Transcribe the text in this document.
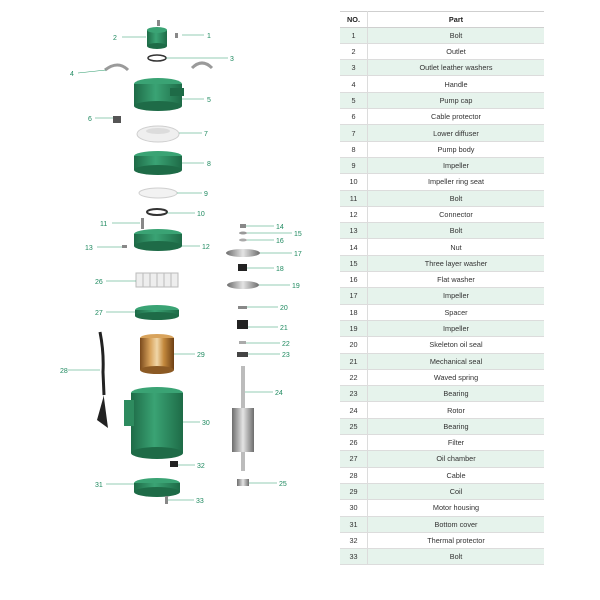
1
2
3
4
5
6
7
8
9
10
11
12
13
14
15
16
17
18
19
20
21
22
23
24
25
26
27
28
29
30
31
32
33
NO.	Part
1	Bolt
2	Outlet
3	Outlet leather washers
4	Handle
5	Pump cap
6	Cable protector
7	Lower diffuser
8	Pump body
9	Impeller
10	Impeller ring seat
11	Bolt
12	Connector
13	Bolt
14	Nut
15	Three layer washer
16	Flat washer
17	Impeller
18	Spacer
19	Impeller
20	Skeleton oil seal
21	Mechanical seal
22	Waved spring
23	Bearing
24	Rotor
25	Bearing
26	Filter
27	Oil chamber
28	Cable
29	Coil
30	Motor housing
31	Bottom cover
32	Thermal protector
33	Bolt
